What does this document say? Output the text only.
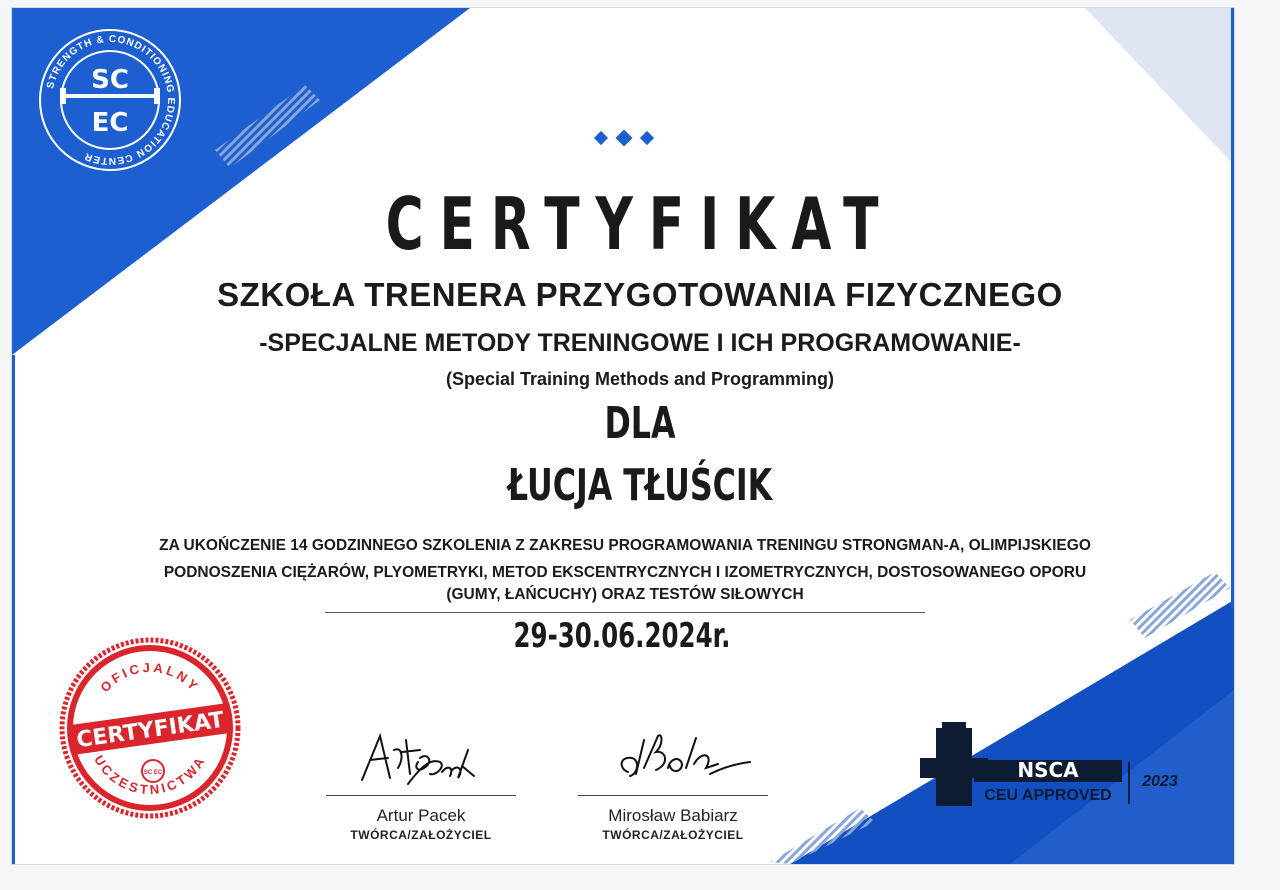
STRENGTH & CONDITIONING EDUCATION CENTER
SC
EC
CERTYFIKAT
SZKOŁA TRENERA PRZYGOTOWANIA FIZYCZNEGO
-SPECJALNE METODY TRENINGOWE I ICH PROGRAMOWANIE-
(Special Training Methods and Programming)
DLA
ŁUCJA TŁUŚCIK
ZA UKOŃCZENIE 14 GODZINNEGO SZKOLENIA Z ZAKRESU PROGRAMOWANIA TRENINGU STRONGMAN-A, OLIMPIJSKIEGO
PODNOSZENIA CIĘŻARÓW, PLYOMETRYKI, METOD EKSCENTRYCZNYCH I IZOMETRYCZNYCH, DOSTOSOWANEGO OPORU
(GUMY, ŁAŃCUCHY) ORAZ TESTÓW SIŁOWYCH
29-30.06.2024r.
OFICJALNY
UCZESTNICTWA
CERTYFIKAT
SC EC
Artur Pacek
TWÓRCA/ZAŁOŻYCIEL
Mirosław Babiarz
TWÓRCA/ZAŁOŻYCIEL
NSCA
CEU APPROVED
2023
